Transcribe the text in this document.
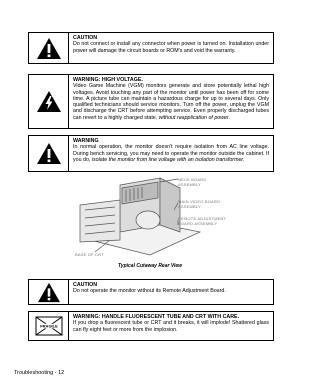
CAUTION
Do not connect or install any connector when power is turned on. Installation under power will damage the circuit boards or ROM's and void the warranty.
WARNING: HIGH VOLTAGE.
Video Game Machine (VGM) monitors generate and store potentially lethal high voltages. Avoid touching any part of the monitor until power has been off for some time. A picture tube can maintain a hazardous charge for up to several days. Only qualified technicians should service monitors. Turn off the power, unplug the VGM and discharge the CRT before attempting service. Even properly discharged tubes can revert to a highly charged state, without reapplication of power.
WARNING
In normal operation, the monitor doesn't require isolation from AC line voltage. During bench servicing, you may need to operate the monitor outside the cabinet. If you do, isolate the monitor from line voltage with an isolation transformer.
NECK BOARD
ASSEMBLY
MAIN VIDEO BOARD
ASSEMBLY
REMOTE ADJUSTMENT
BOARD ASSEMBLY
BASE OF CRT
Typical Cutaway Rear View
CAUTION
Do not operate the monitor without its Remote Adjustment Board.
FRAGILE
WARNING: HANDLE FLUORESCENT TUBE AND CRT WITH CARE.
If you drop a fluorescent tube or CRT and it breaks, it will implode! Shattered glass can fly eight feet or more from the implosion.
Troubleshooting - 12
